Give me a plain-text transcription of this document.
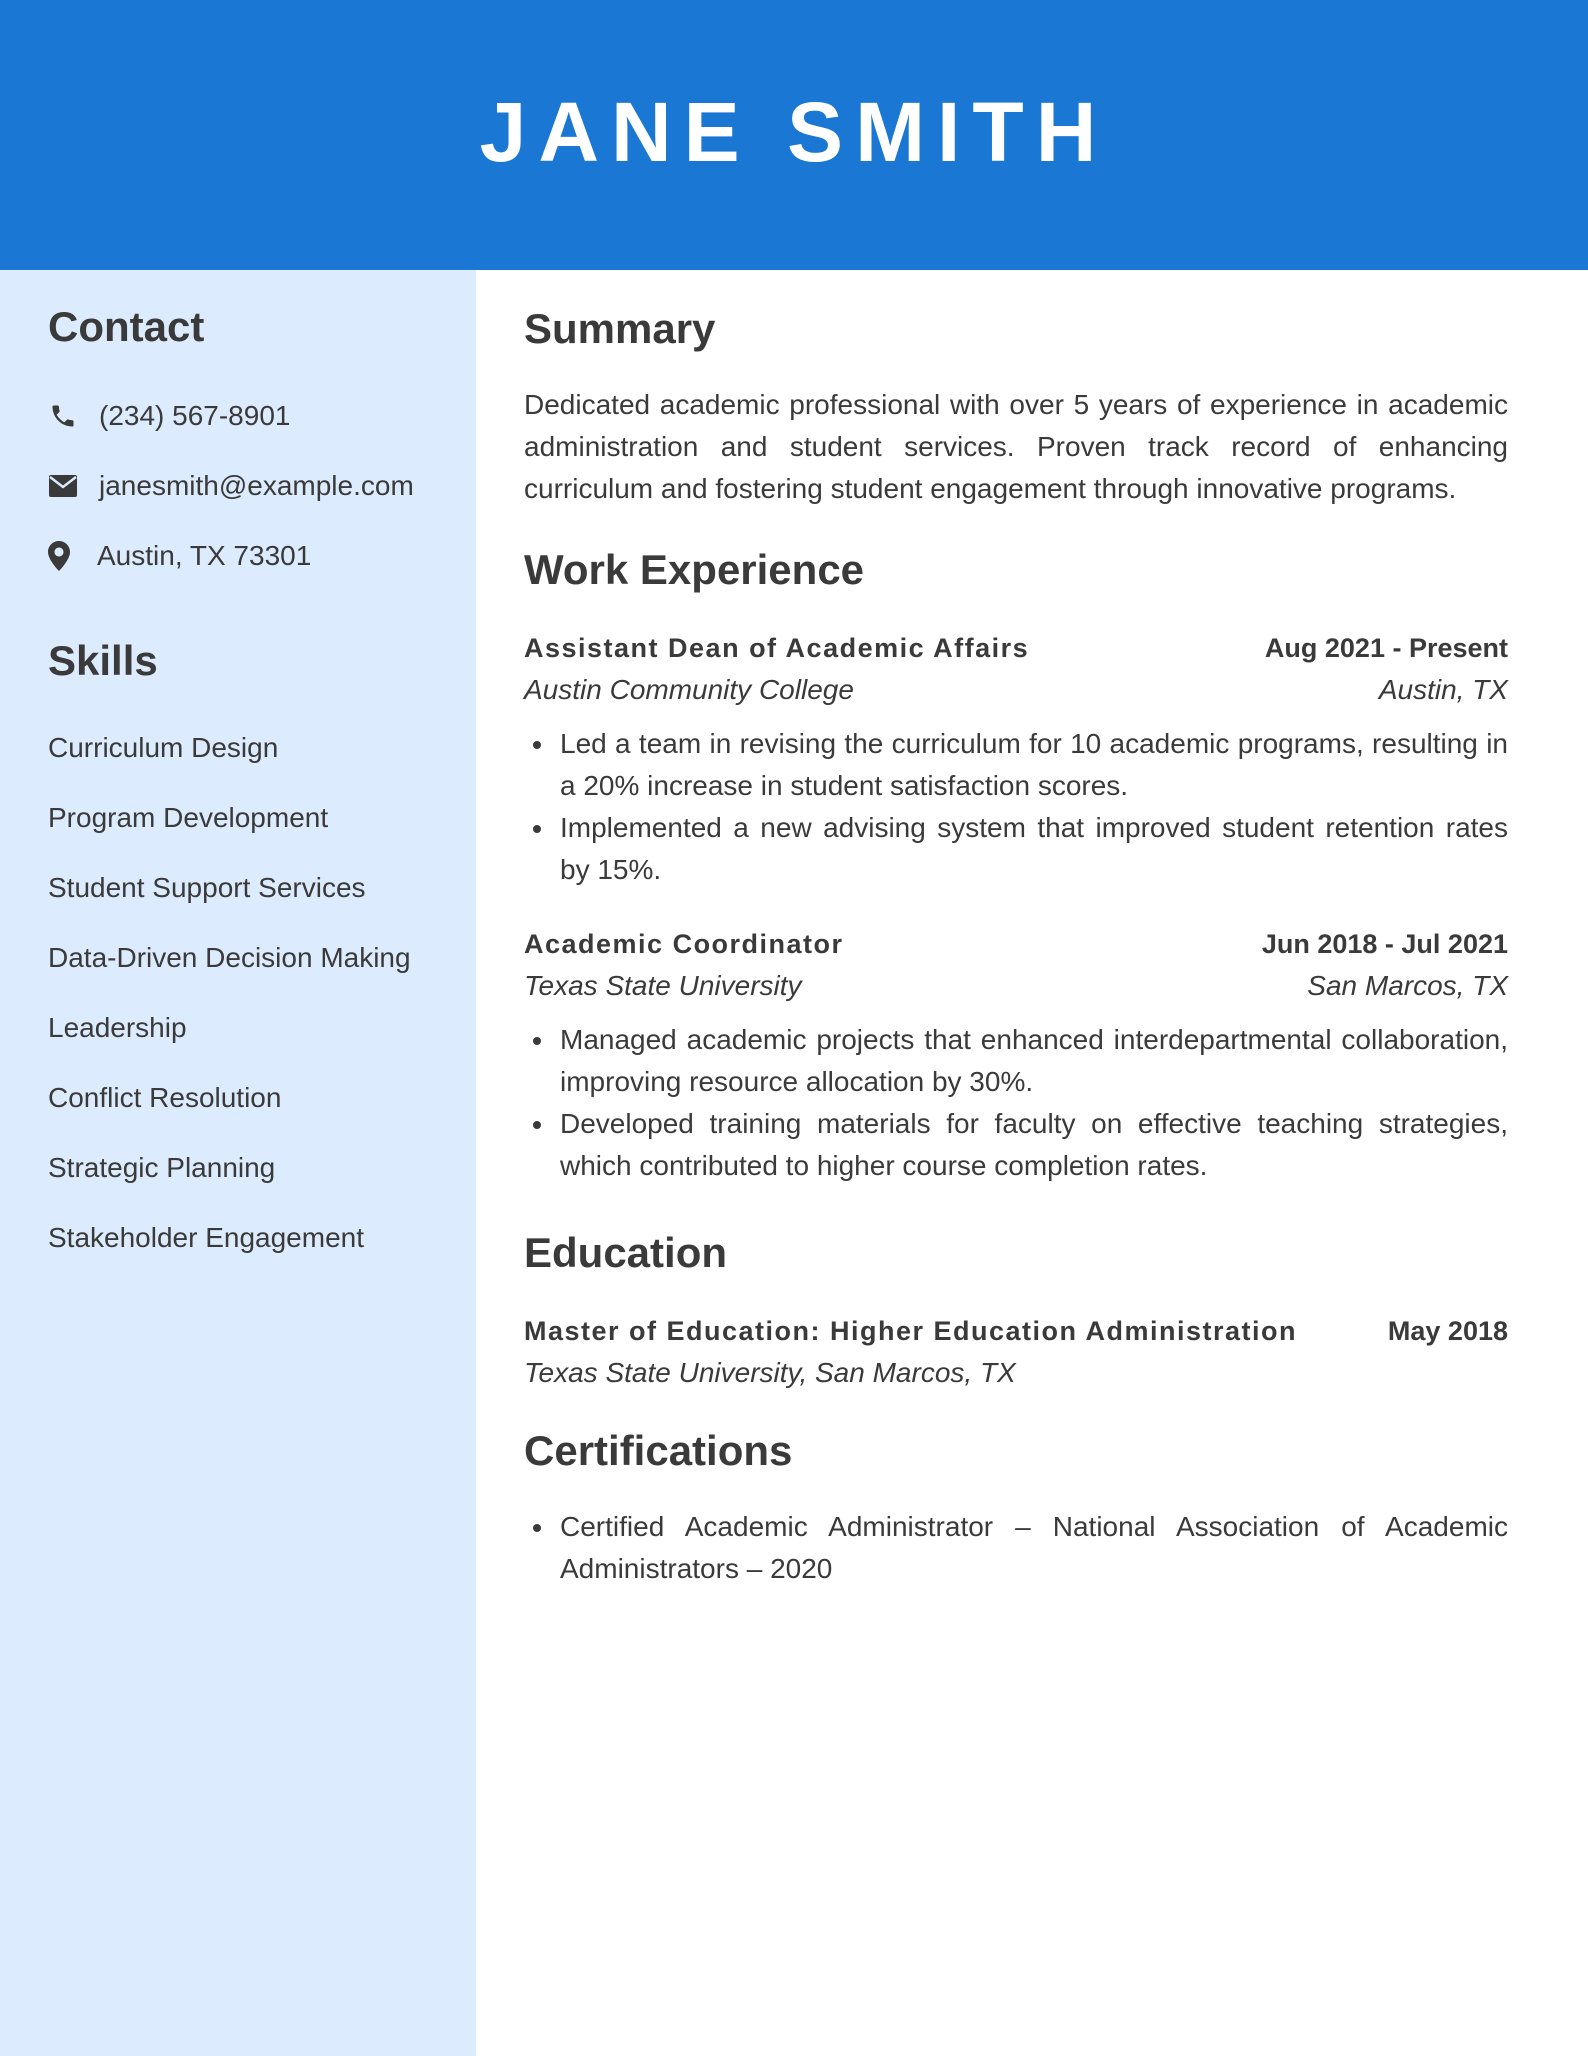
JANE SMITH
Contact
(234) 567-8901
janesmith@example.com
Austin, TX 73301
Skills
Curriculum Design
Program Development
Student Support Services
Data-Driven Decision Making
Leadership
Conflict Resolution
Strategic Planning
Stakeholder Engagement
Summary

Dedicated academic professional with over 5 years of experience in academic administration and student services. Proven track record of enhancing curriculum and fostering student engagement through innovative programs.

Work Experience
Assistant Dean of Academic Affairs	Aug 2021 - Present
Austin Community College	Austin, TX
Led a team in revising the curriculum for 10 academic programs, resulting in a 20% increase in student satisfaction scores.
Implemented a new advising system that improved student retention rates by 15%.
Academic Coordinator	Jun 2018 - Jul 2021
Texas State University	San Marcos, TX
Managed academic projects that enhanced interdepartmental collaboration, improving resource allocation by 30%.
Developed training materials for faculty on effective teaching strategies, which contributed to higher course completion rates.
Education
Master of Education: Higher Education Administration	May 2018
Texas State University, San Marcos, TX
Certifications
Certified Academic Administrator – National Association of Academic Administrators – 2020
